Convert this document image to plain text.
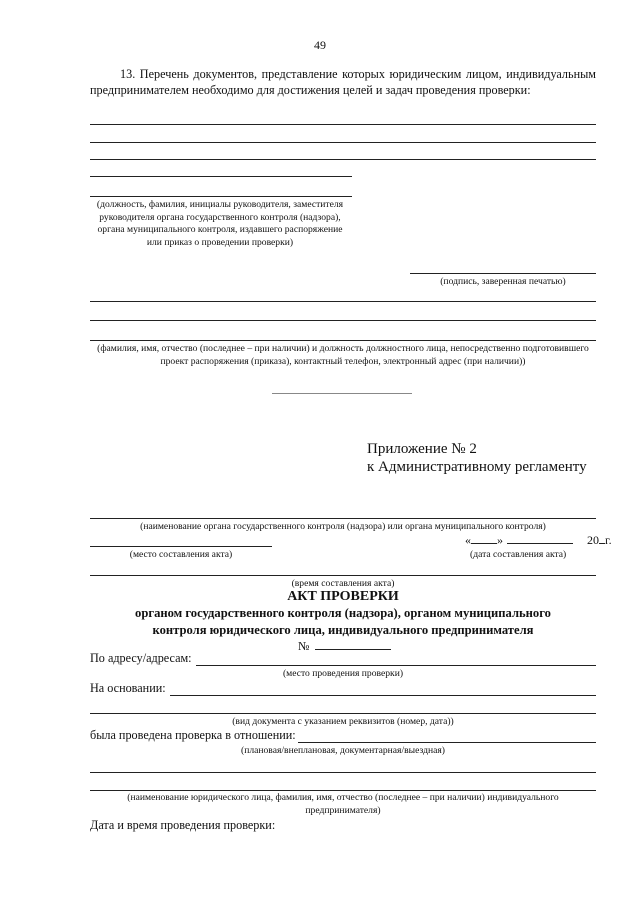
49
13. Перечень документов, представление которых юридическим лицом, индивидуальным предпринимателем необходимо для достижения целей и задач проведения проверки:
(должность, фамилия, инициалы руководителя, заместителя руководителя органа государственного контроля (надзора), органа муниципального контроля, издавшего распоряжение или приказ о проведении проверки)
(подпись, заверенная печатью)
(фамилия, имя, отчество (последнее – при наличии) и должность должностного лица, непосредственно подготовившего проект распоряжения (приказа), контактный телефон, электронный адрес (при наличии))
Приложение № 2
к Административному регламенту
(наименование органа государственного контроля (надзора) или органа муниципального контроля)
(место составления акта)
« »	20 г.
(дата составления акта)
(время составления акта)
АКТ ПРОВЕРКИ
органом государственного контроля (надзора), органом муниципального
контроля юридического лица, индивидуального предпринимателя
№
По адресу/адресам:
(место проведения проверки)
На основании:
(вид документа с указанием реквизитов (номер, дата))
была проведена проверка в отношении:
(плановая/внеплановая, документарная/выездная)
(наименование юридического лица, фамилия, имя, отчество (последнее – при наличии) индивидуального предпринимателя)
Дата и время проведения проверки:
